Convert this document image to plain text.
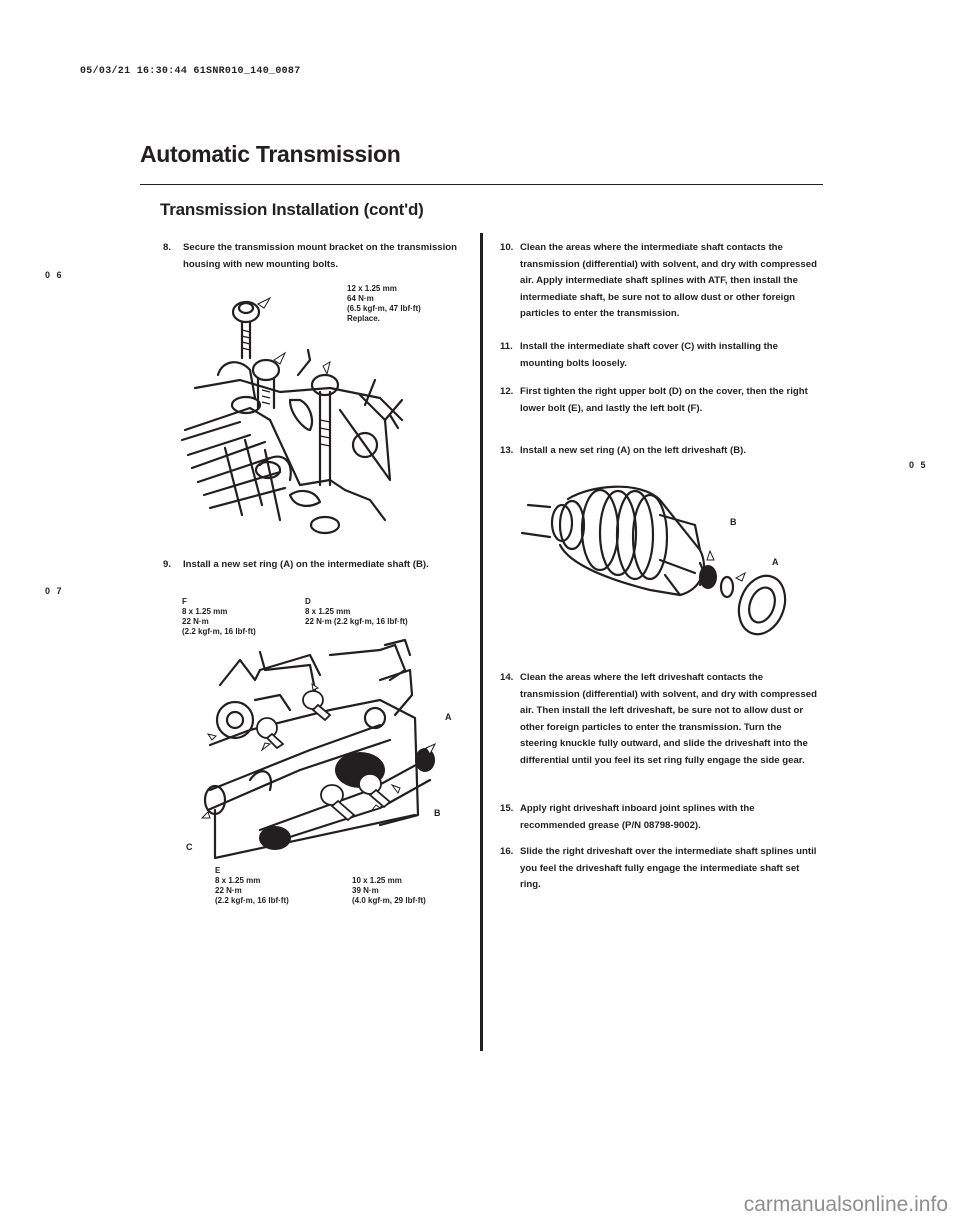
05/03/21 16:30:44 61SNR010_140_0087
Automatic Transmission
Transmission Installation (cont'd)
0 6
0 7
0 5
8.	Secure the transmission mount bracket on the transmission housing with new mounting bolts.
12 x 1.25 mm
64 N·m
(6.5 kgf·m, 47 lbf·ft)
Replace.
9.	Install a new set ring (A) on the intermediate shaft (B).
F
8 x 1.25 mm
22 N·m
(2.2 kgf·m, 16 lbf·ft)
D
8 x 1.25 mm
22 N·m (2.2 kgf·m, 16 lbf·ft)
E
8 x 1.25 mm
22 N·m
(2.2 kgf·m, 16 lbf·ft)
10 x 1.25 mm
39 N·m
(4.0 kgf·m, 29 lbf·ft)
A
B
C
10. Clean the areas where the intermediate shaft contacts the transmission (differential) with solvent, and dry with compressed air. Apply intermediate shaft splines with ATF, then install the intermediate shaft, be sure not to allow dust or other foreign particles to enter the transmission.
11. Install the intermediate shaft cover (C) with installing the mounting bolts loosely.
12. First tighten the right upper bolt (D) on the cover, then the right lower bolt (E), and lastly the left bolt (F).
13. Install a new set ring (A) on the left driveshaft (B).
B
A
14. Clean the areas where the left driveshaft contacts the transmission (differential) with solvent, and dry with compressed air. Then install the left driveshaft, be sure not to allow dust or other foreign particles to enter the transmission. Turn the steering knuckle fully outward, and slide the driveshaft into the differential until you feel its set ring fully engage the side gear.
15. Apply right driveshaft inboard joint splines with the recommended grease (P/N 08798-9002).
16. Slide the right driveshaft over the intermediate shaft splines until you feel the driveshaft fully engage the intermediate shaft set ring.
carmanualsonline.info
